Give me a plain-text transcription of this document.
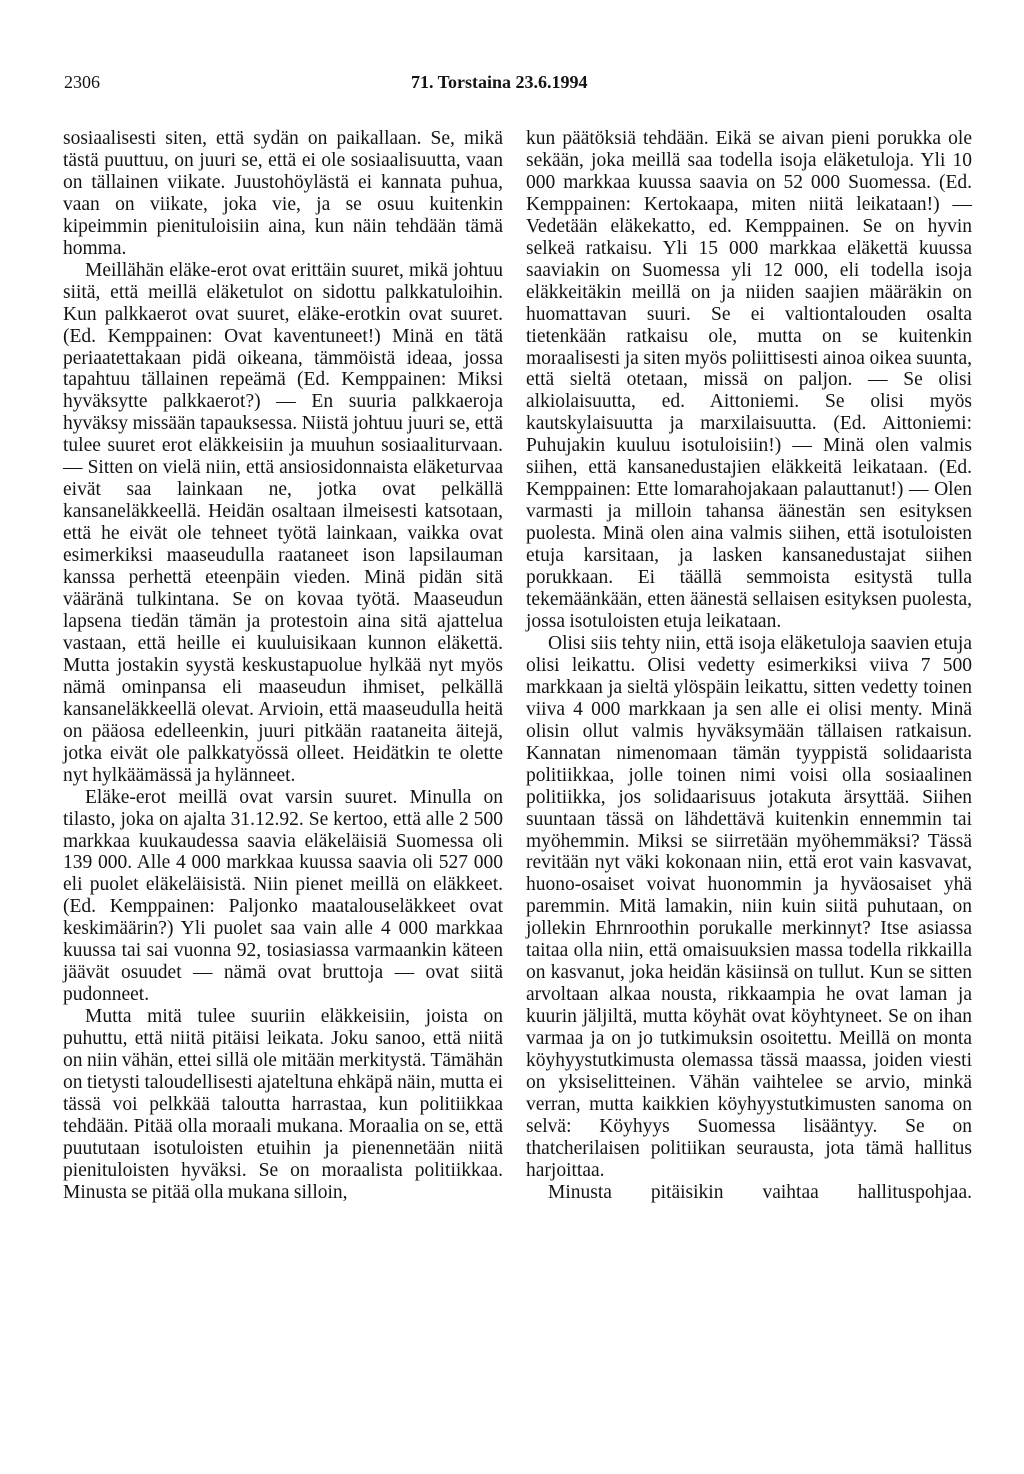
2306	71. Torstaina 23.6.1994

sosiaalisesti siten, että sydän on paikallaan. Se, mikä tästä puuttuu, on juuri se, että ei ole sosiaalisuutta, vaan on tällainen viikate. Juustohöylästä ei kannata puhua, vaan on viikate, joka vie, ja se osuu kuitenkin kipeimmin pienituloisiin aina, kun näin tehdään tämä homma.

Meillähän eläke-erot ovat erittäin suuret, mikä johtuu siitä, että meillä eläketulot on sidottu palkkatuloihin. Kun palkkaerot ovat suuret, eläke-erotkin ovat suuret. (Ed. Kemppainen: Ovat kaventuneet!) Minä en tätä periaatettakaan pidä oikeana, tämmöistä ideaa, jossa tapahtuu tällainen repeämä (Ed. Kemppainen: Miksi hyväksytte palkkaerot?) — En suuria palkkaeroja hyväksy missään tapauksessa. Niistä johtuu juuri se, että tulee suuret erot eläkkeisiin ja muuhun sosiaaliturvaan. — Sitten on vielä niin, että ansiosidonnaista eläketurvaa eivät saa lainkaan ne, jotka ovat pelkällä kansaneläkkeellä. Heidän osaltaan ilmeisesti katsotaan, että he eivät ole tehneet työtä lainkaan, vaikka ovat esimerkiksi maaseudulla raataneet ison lapsilauman kanssa perhettä eteenpäin vieden. Minä pidän sitä vääränä tulkintana. Se on kovaa työtä. Maaseudun lapsena tiedän tämän ja protestoin aina sitä ajattelua vastaan, että heille ei kuuluisikaan kunnon eläkettä. Mutta jostakin syystä keskustapuolue hylkää nyt myös nämä ominpansa eli maaseudun ihmiset, pelkällä kansaneläkkeellä olevat. Arvioin, että maaseudulla heitä on pääosa edelleenkin, juuri pitkään raataneita äitejä, jotka eivät ole palkkatyössä olleet. Heidätkin te olette nyt hylkäämässä ja hylänneet.

Eläke-erot meillä ovat varsin suuret. Minulla on tilasto, joka on ajalta 31.12.92. Se kertoo, että alle 2 500 markkaa kuukaudessa saavia eläkeläisiä Suomessa oli 139 000. Alle 4 000 markkaa kuussa saavia oli 527 000 eli puolet eläkeläisistä. Niin pienet meillä on eläkkeet. (Ed. Kemppainen: Paljonko maatalouseläkkeet ovat keskimäärin?) Yli puolet saa vain alle 4 000 markkaa kuussa tai sai vuonna 92, tosiasiassa varmaankin käteen jäävät osuudet — nämä ovat bruttoja — ovat siitä pudonneet.

Mutta mitä tulee suuriin eläkkeisiin, joista on puhuttu, että niitä pitäisi leikata. Joku sanoo, että niitä on niin vähän, ettei sillä ole mitään merkitystä. Tämähän on tietysti taloudellisesti ajateltuna ehkäpä näin, mutta ei tässä voi pelkkää taloutta harrastaa, kun politiikkaa tehdään. Pitää olla moraali mukana. Moraalia on se, että puututaan isotuloisten etuihin ja pienennetään niitä pienituloisten hyväksi. Se on moraalista politiikkaa. Minusta se pitää olla mukana silloin,

kun päätöksiä tehdään. Eikä se aivan pieni porukka ole sekään, joka meillä saa todella isoja eläketuloja. Yli 10 000 markkaa kuussa saavia on 52 000 Suomessa. (Ed. Kemppainen: Kertokaapa, miten niitä leikataan!) — Vedetään eläkekatto, ed. Kemppainen. Se on hyvin selkeä ratkaisu. Yli 15 000 markkaa eläkettä kuussa saaviakin on Suomessa yli 12 000, eli todella isoja eläkkeitäkin meillä on ja niiden saajien määräkin on huomattavan suuri. Se ei valtiontalouden osalta tietenkään ratkaisu ole, mutta on se kuitenkin moraalisesti ja siten myös poliittisesti ainoa oikea suunta, että sieltä otetaan, missä on paljon. — Se olisi alkiolaisuutta, ed. Aittoniemi. Se olisi myös kautskylaisuutta ja marxilaisuutta. (Ed. Aittoniemi: Puhujakin kuuluu isotuloisiin!) — Minä olen valmis siihen, että kansanedustajien eläkkeitä leikataan. (Ed. Kemppainen: Ette lomarahojakaan palauttanut!) — Olen varmasti ja milloin tahansa äänestän sen esityksen puolesta. Minä olen aina valmis siihen, että isotuloisten etuja karsitaan, ja lasken kansanedustajat siihen porukkaan. Ei täällä semmoista esitystä tulla tekemäänkään, etten äänestä sellaisen esityksen puolesta, jossa isotuloisten etuja leikataan.

Olisi siis tehty niin, että isoja eläketuloja saavien etuja olisi leikattu. Olisi vedetty esimerkiksi viiva 7 500 markkaan ja sieltä ylöspäin leikattu, sitten vedetty toinen viiva 4 000 markkaan ja sen alle ei olisi menty. Minä olisin ollut valmis hyväksymään tällaisen ratkaisun. Kannatan nimenomaan tämän tyyppistä solidaarista politiikkaa, jolle toinen nimi voisi olla sosiaalinen politiikka, jos solidaarisuus jotakuta ärsyttää. Siihen suuntaan tässä on lähdettävä kuitenkin ennemmin tai myöhemmin. Miksi se siirretään myöhemmäksi? Tässä revitään nyt väki kokonaan niin, että erot vain kasvavat, huono-osaiset voivat huonommin ja hyväosaiset yhä paremmin. Mitä lamakin, niin kuin siitä puhutaan, on jollekin Ehrnroothin porukalle merkinnyt? Itse asiassa taitaa olla niin, että omaisuuksien massa todella rikkailla on kasvanut, joka heidän käsiinsä on tullut. Kun se sitten arvoltaan alkaa nousta, rikkaampia he ovat laman ja kuurin jäljiltä, mutta köyhät ovat köyhtyneet. Se on ihan varmaa ja on jo tutkimuksin osoitettu. Meillä on monta köyhyystutkimusta olemassa tässä maassa, joiden viesti on yksiselitteinen. Vähän vaihtelee se arvio, minkä verran, mutta kaikkien köyhyystutkimusten sanoma on selvä: Köyhyys Suomessa lisääntyy. Se on thatcherilaisen politiikan seurausta, jota tämä hallitus harjoittaa.

Minusta pitäisikin vaihtaa hallituspohjaa.
